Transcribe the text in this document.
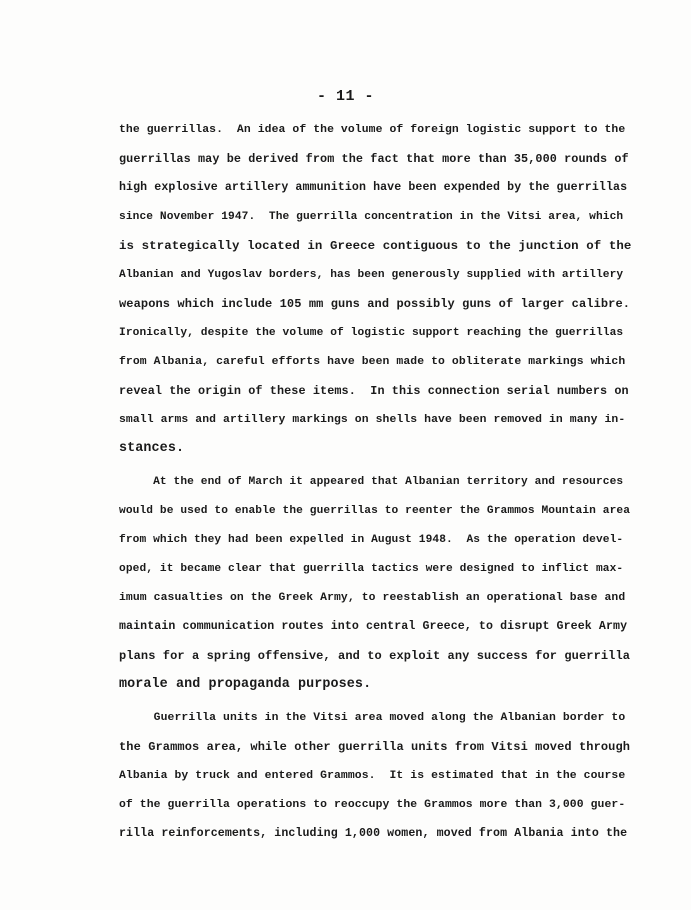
- 11 -
the guerrillas.  An idea of the volume of foreign logistic support to the
guerrillas may be derived from the fact that more than 35,000 rounds of
high explosive artillery ammunition have been expended by the guerrillas
since November 1947.  The guerrilla concentration in the Vitsi area, which
is strategically located in Greece contiguous to the junction of the
Albanian and Yugoslav borders, has been generously supplied with artillery
weapons which include 105 mm guns and possibly guns of larger calibre.
Ironically, despite the volume of logistic support reaching the guerrillas
from Albania, careful efforts have been made to obliterate markings which
reveal the origin of these items.  In this connection serial numbers on
small arms and artillery markings on shells have been removed in many in-
stances.
At the end of March it appeared that Albanian territory and resources
would be used to enable the guerrillas to reenter the Grammos Mountain area
from which they had been expelled in August 1948.  As the operation devel-
oped, it became clear that guerrilla tactics were designed to inflict max-
imum casualties on the Greek Army, to reestablish an operational base and
maintain communication routes into central Greece, to disrupt Greek Army
plans for a spring offensive, and to exploit any success for guerrilla
morale and propaganda purposes.
Guerrilla units in the Vitsi area moved along the Albanian border to
the Grammos area, while other guerrilla units from Vitsi moved through
Albania by truck and entered Grammos.  It is estimated that in the course
of the guerrilla operations to reoccupy the Grammos more than 3,000 guer-
rilla reinforcements, including 1,000 women, moved from Albania into the
